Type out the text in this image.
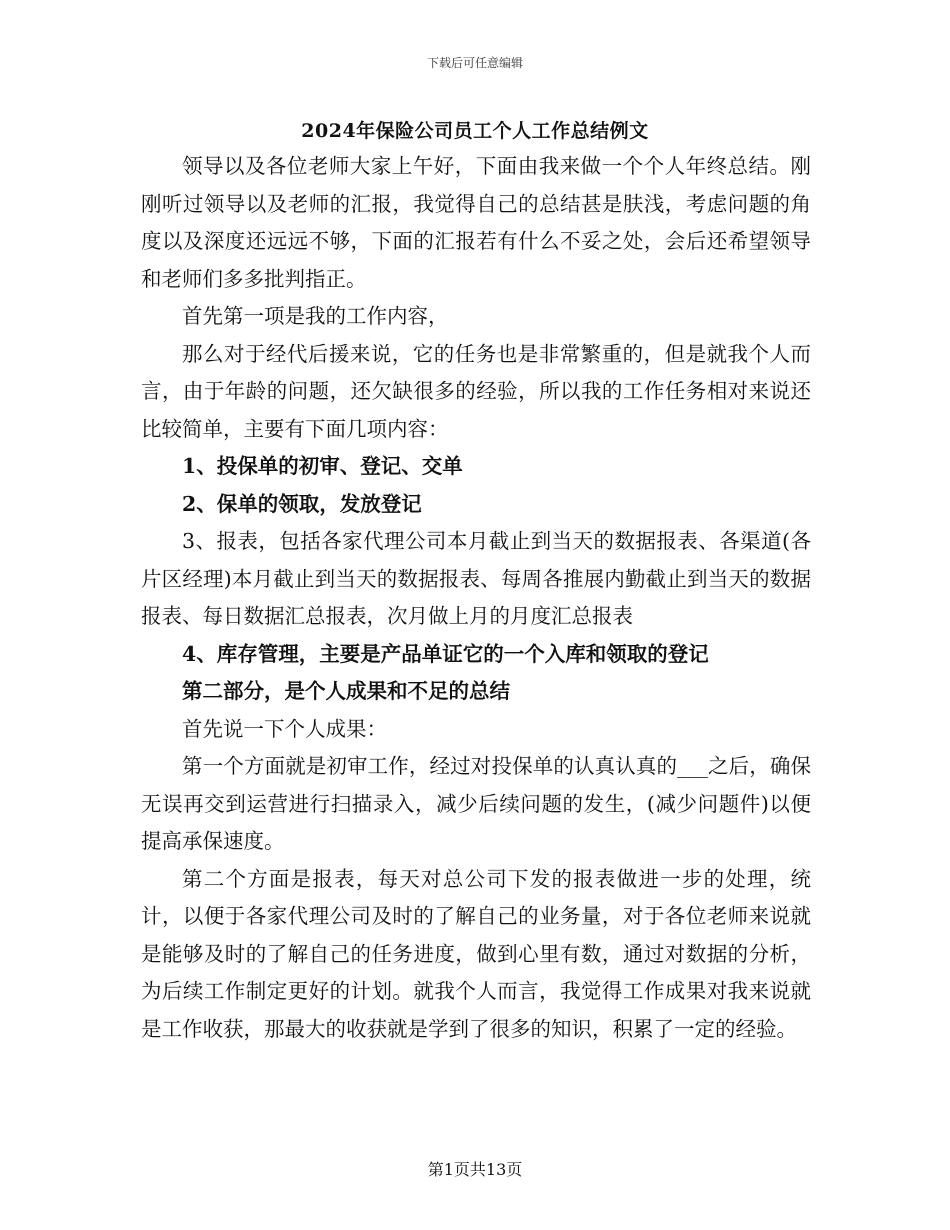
下载后可任意编辑
2024年保险公司员工个人工作总结例文

领导以及各位老师大家上午好，下面由我来做一个个人年终总结。刚刚听过领导以及老师的汇报，我觉得自己的总结甚是肤浅，考虑问题的角度以及深度还远远不够，下面的汇报若有什么不妥之处，会后还希望领导和老师们多多批判指正。

首先第一项是我的工作内容，

那么对于经代后援来说，它的任务也是非常繁重的，但是就我个人而言，由于年龄的问题，还欠缺很多的经验，所以我的工作任务相对来说还比较简单，主要有下面几项内容：

1、投保单的初审、登记、交单

2、保单的领取，发放登记

3、报表，包括各家代理公司本月截止到当天的数据报表、各渠道(各片区经理)本月截止到当天的数据报表、每周各推展内勤截止到当天的数据报表、每日数据汇总报表，次月做上月的月度汇总报表

4、库存管理，主要是产品单证它的一个入库和领取的登记

第二部分，是个人成果和不足的总结

首先说一下个人成果：

第一个方面就是初审工作，经过对投保单的认真认真的___之后，确保无误再交到运营进行扫描录入，减少后续问题的发生，(减少问题件)以便提高承保速度。

第二个方面是报表，每天对总公司下发的报表做进一步的处理，统计，以便于各家代理公司及时的了解自己的业务量，对于各位老师来说就是能够及时的了解自己的任务进度，做到心里有数，通过对数据的分析，为后续工作制定更好的计划。就我个人而言，我觉得工作成果对我来说就是工作收获，那最大的收获就是学到了很多的知识，积累了一定的经验。

第1页共13页
